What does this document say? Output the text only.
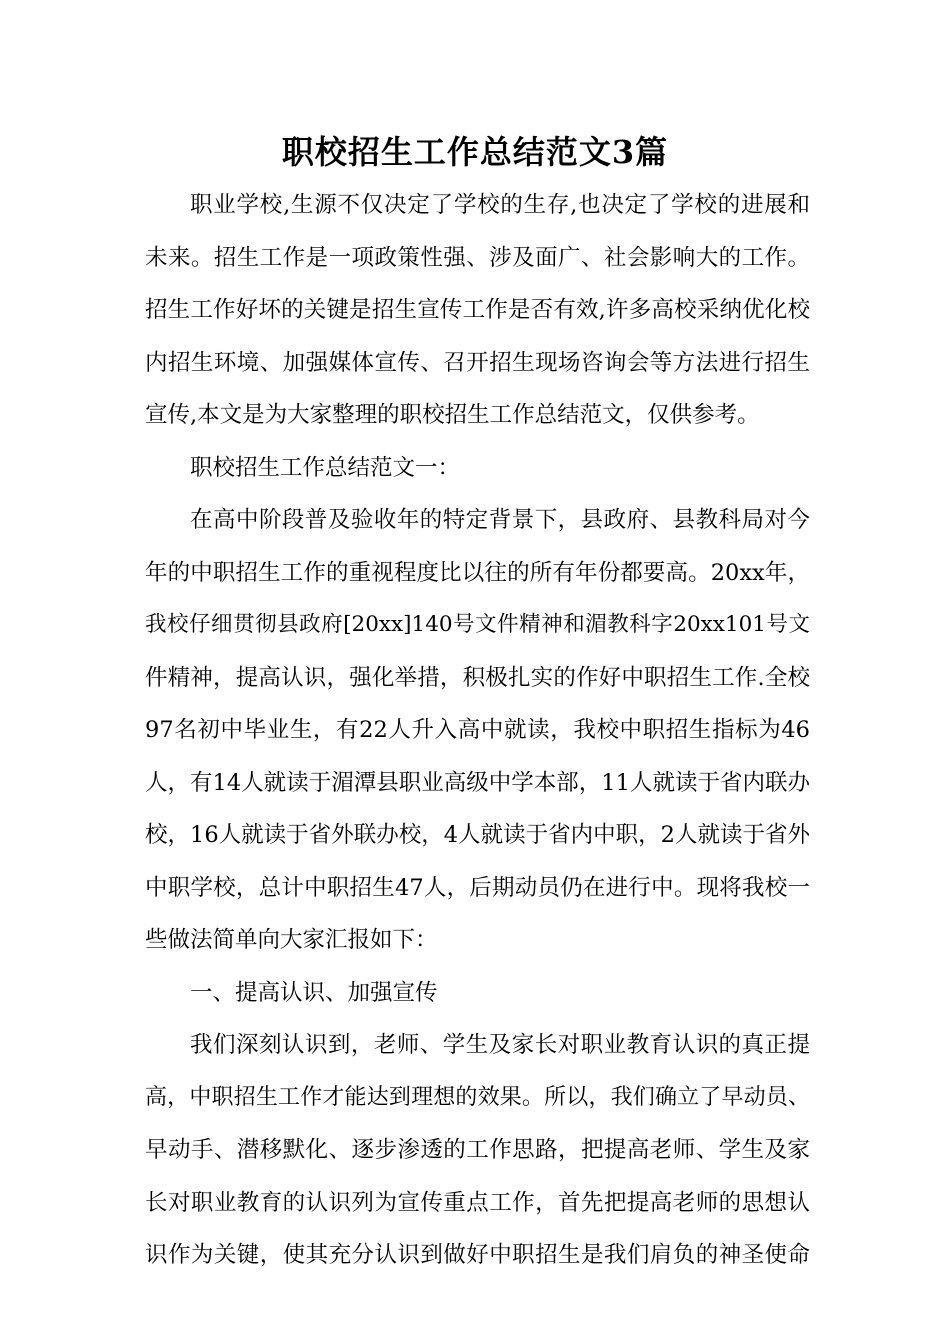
职校招生工作总结范文3篇
职业学校,生源不仅决定了学校的生存,也决定了学校的进展和
未来。招生工作是一项政策性强、涉及面广、社会影响大的工作。
招生工作好坏的关键是招生宣传工作是否有效,许多高校采纳优化校
内招生环境、加强媒体宣传、召开招生现场咨询会等方法进行招生
宣传,本文是为大家整理的职校招生工作总结范文，仅供参考。
职校招生工作总结范文一：
在高中阶段普及验收年的特定背景下，县政府、县教科局对今
年的中职招生工作的重视程度比以往的所有年份都要高。20xx年，
我校仔细贯彻县政府[20xx]140号文件精神和湄教科字20xx101号文
件精神，提高认识，强化举措，积极扎实的作好中职招生工作.全校
97名初中毕业生，有22人升入高中就读，我校中职招生指标为46
人，有14人就读于湄潭县职业高级中学本部，11人就读于省内联办
校，16人就读于省外联办校，4人就读于省内中职，2人就读于省外
中职学校，总计中职招生47人，后期动员仍在进行中。现将我校一
些做法简单向大家汇报如下：
一、提高认识、加强宣传
我们深刻认识到，老师、学生及家长对职业教育认识的真正提
高，中职招生工作才能达到理想的效果。所以，我们确立了早动员、
早动手、潜移默化、逐步渗透的工作思路，把提高老师、学生及家
长对职业教育的认识列为宣传重点工作，首先把提高老师的思想认
识作为关键，使其充分认识到做好中职招生是我们肩负的神圣使命
